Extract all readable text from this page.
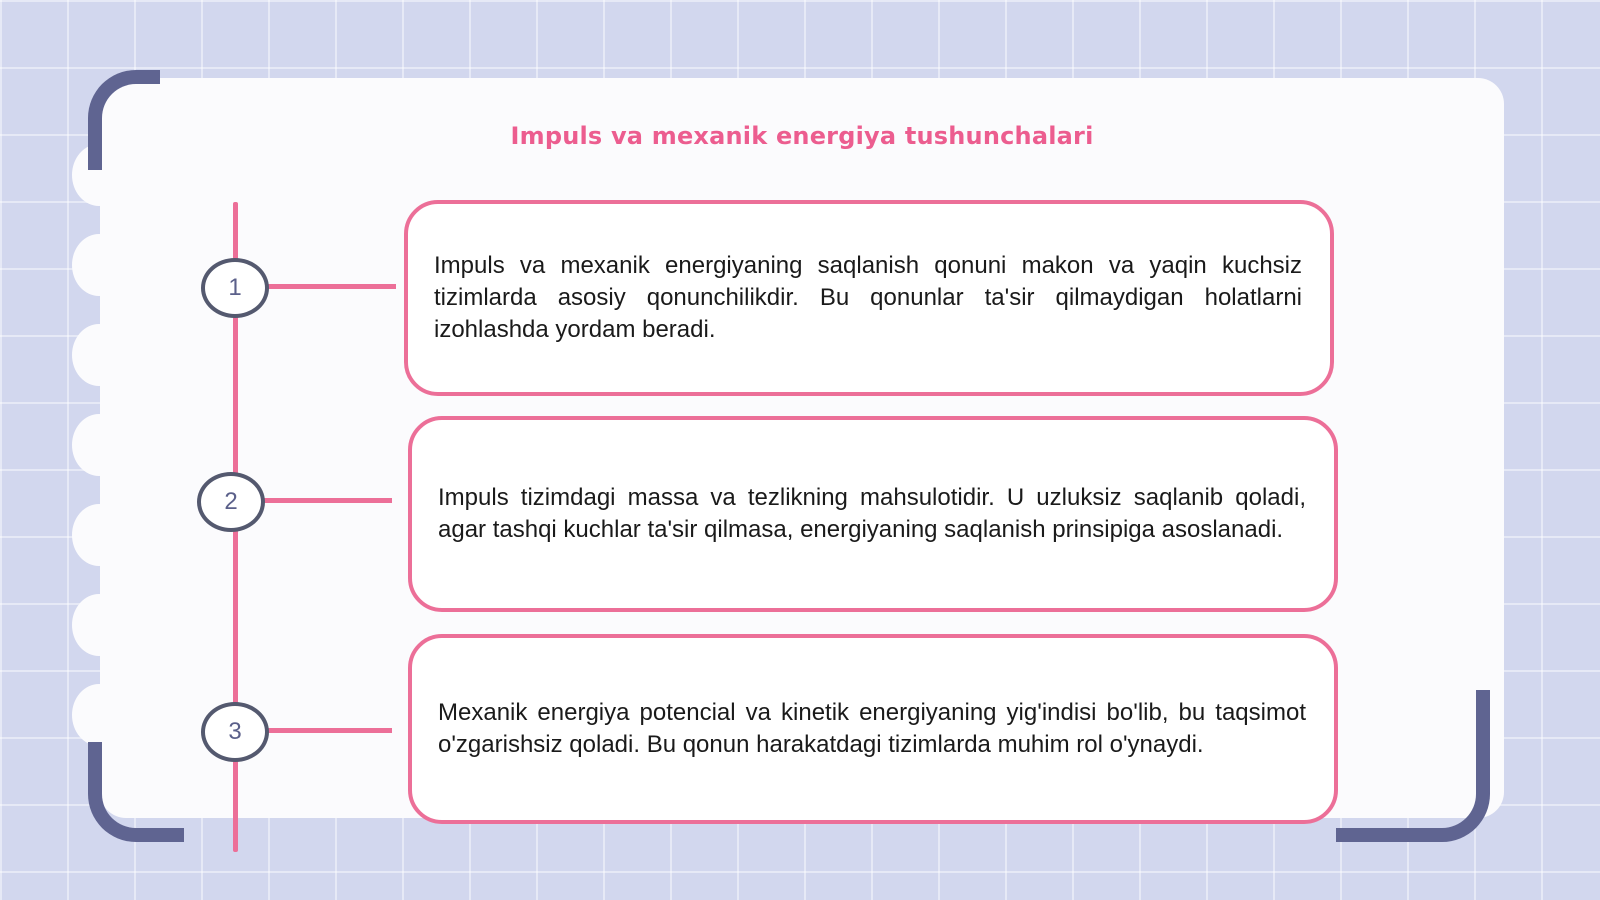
Impuls va mexanik energiya tushunchalari
1

Impuls va mexanik energiyaning saqlanish qonuni makon va yaqin kuchsiz tizimlarda asosiy qonunchilikdir. Bu qonunlar ta'sir qilmaydigan holatlarni izohlashda yordam beradi.

2	Impuls tizimdagi massa va tezlikning mahsulotidir. U uzluksiz saqlanib qoladi, agar tashqi kuchlar ta'sir qilmasa, energiyaning saqlanish prinsipiga asoslanadi.

3

Mexanik energiya potencial va kinetik energiyaning yig'indisi bo'lib, bu taqsimot o'zgarishsiz qoladi. Bu qonun harakatdagi tizimlarda muhim rol o'ynaydi.
